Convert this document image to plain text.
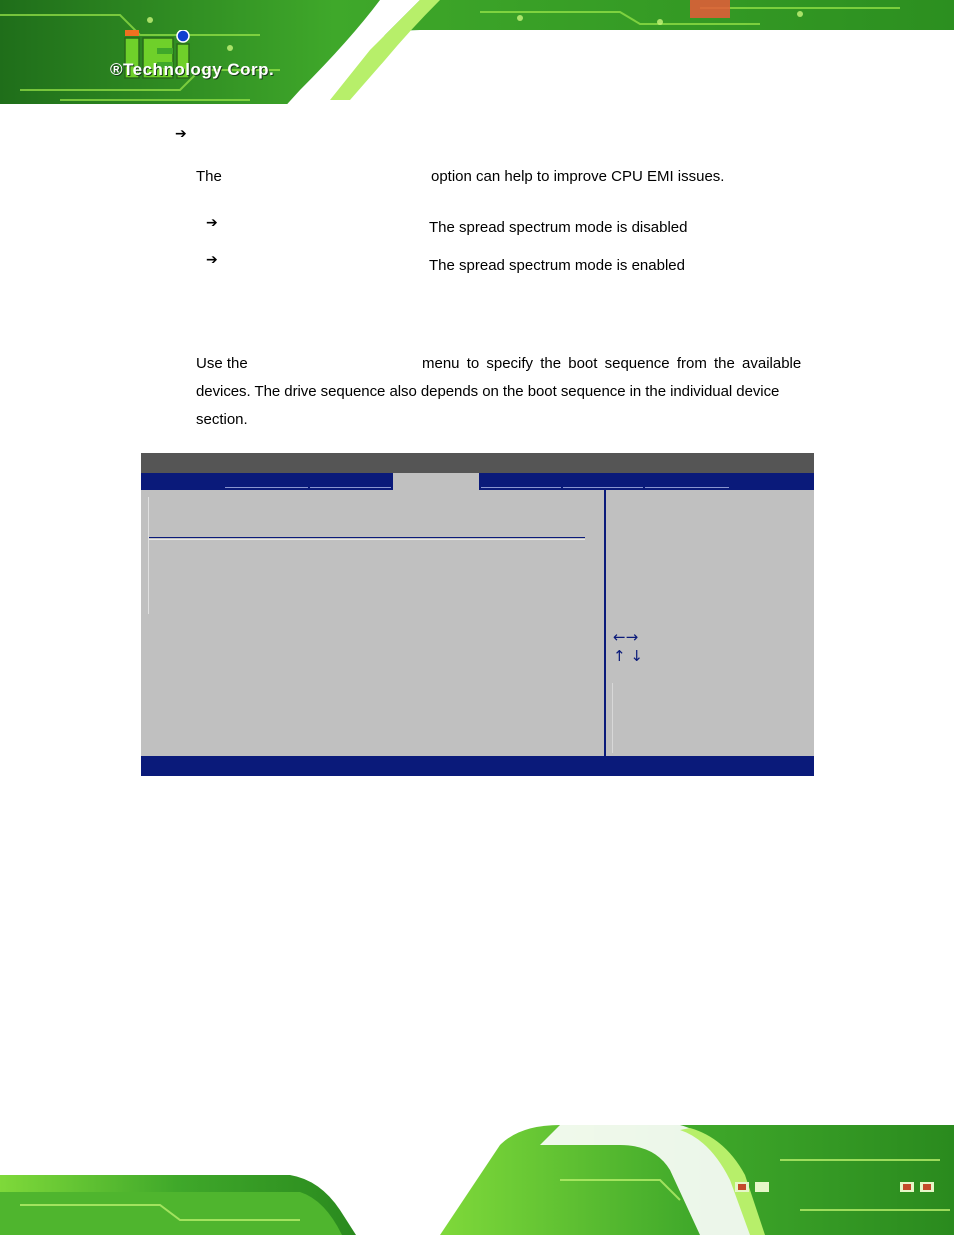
®Technology Corp.
➔
The	option can help to improve CPU EMI issues.
➔	The spread spectrum mode is disabled
➔	The spread spectrum mode is enabled
Use the	menu to specify the boot sequence from the available
devices. The drive sequence also depends on the boot sequence in the individual device
section.
←→
↑ ↓
